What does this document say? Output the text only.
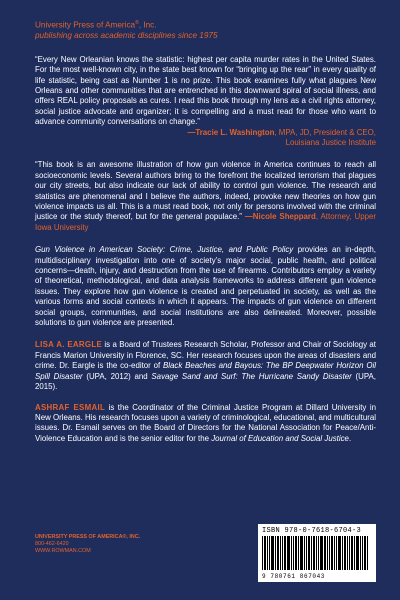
University Press of America®, Inc.
publishing across academic disciplines since 1975

“Every New Orleanian knows the statistic: highest per capita murder rates in the United States. For the most well-known city, in the state best known for “bringing up the rear” in every quality of life statistic, being cast as Number 1 is no prize. This book examines fully what plagues New Orleans and other communities that are entrenched in this downward spiral of social illness, and offers REAL policy proposals as cures. I read this book through my lens as a civil rights attorney, social justice advocate and organizer; it is compelling and a must read for those who want to advance community conversations on change.”

—Tracie L. Washington, MPA, JD, President & CEO,
Louisiana Justice Institute

“This book is an awesome illustration of how gun violence in America continues to reach all socioeconomic levels. Several authors bring to the forefront the localized terrorism that plagues our city streets, but also indicate our lack of ability to control gun violence. The research and statistics are phenomenal and I believe the authors, indeed, provoke new theories on how gun violence impacts us all. This is a must read book, not only for persons involved with the criminal justice or the study thereof, but for the general populace.” —Nicole Sheppard, Attorney, Upper Iowa University

Gun Violence in American Society: Crime, Justice, and Public Policy provides an in-depth, multidisciplinary investigation into one of society’s major social, public health, and political concerns—death, injury, and destruction from the use of firearms. Contributors employ a variety of theoretical, methodological, and data analysis frameworks to address different gun violence issues. They explore how gun violence is created and perpetuated in society, as well as the various forms and social contexts in which it appears. The impacts of gun violence on different social groups, communities, and social institutions are also delineated. Moreover, possible solutions to gun violence are presented.

LISA A. EARGLE is a Board of Trustees Research Scholar, Professor and Chair of Sociology at Francis Marion University in Florence, SC. Her research focuses upon the areas of disasters and crime. Dr. Eargle is the co-editor of Black Beaches and Bayous: The BP Deepwater Horizon Oil Spill Disaster (UPA, 2012) and Savage Sand and Surf: The Hurricane Sandy Disaster (UPA, 2015).

ASHRAF ESMAIL is the Coordinator of the Criminal Justice Program at Dillard University in New Orleans. His research focuses upon a variety of criminological, educational, and multicultural issues. Dr. Esmail serves on the Board of Directors for the National Association for Peace/Anti-Violence Education and is the senior editor for the Journal of Education and Social Justice.

UNIVERSITY PRESS OF AMERICA®, INC.
800-462-6420
WWW.ROWMAN.COM
ISBN 978-0-7618-6704-3
9 780761 867043
